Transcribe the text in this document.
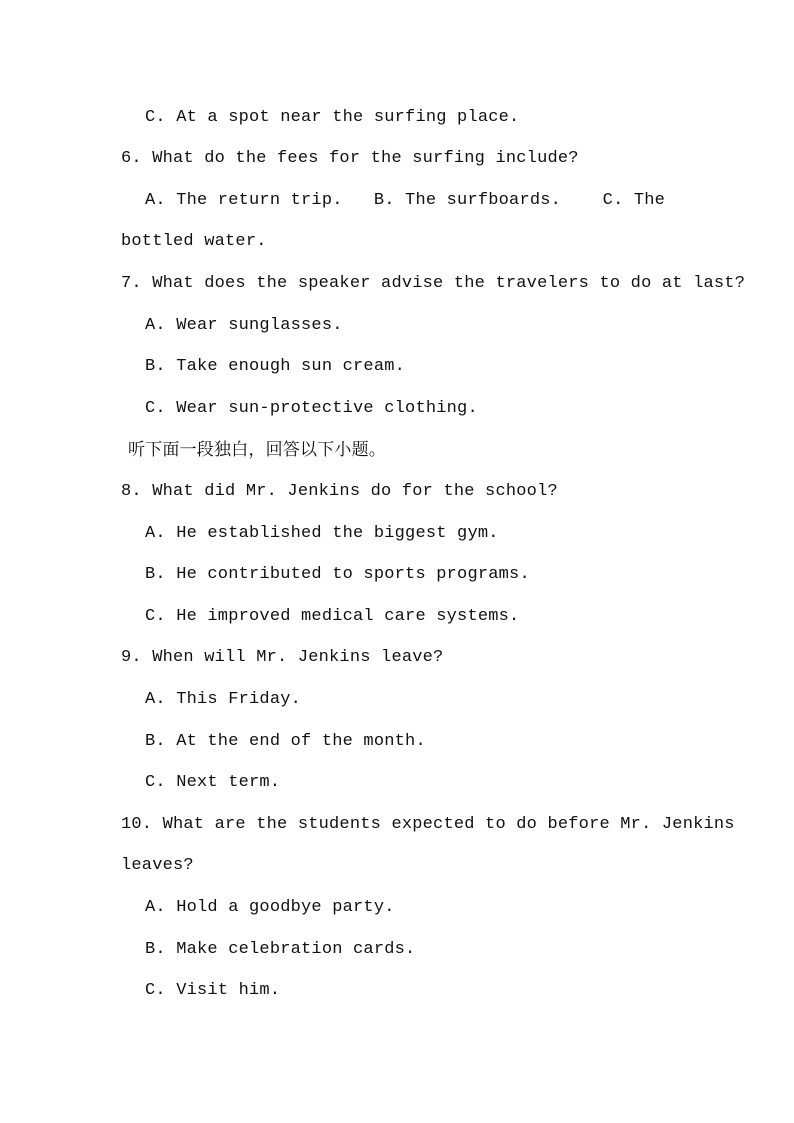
C. At a spot near the surfing place.
6. What do the fees for the surfing include?
A. The return trip.   B. The surfboards.    C. The
bottled water.
7. What does the speaker advise the travelers to do at last?
A. Wear sunglasses.
B. Take enough sun cream.
C. Wear sun-protective clothing.
听下面一段独白，回答以下小题。
8. What did Mr. Jenkins do for the school?
A. He established the biggest gym.
B. He contributed to sports programs.
C. He improved medical care systems.
9. When will Mr. Jenkins leave?
A. This Friday.
B. At the end of the month.
C. Next term.
10. What are the students expected to do before Mr. Jenkins
leaves?
A. Hold a goodbye party.
B. Make celebration cards.
C. Visit him.
